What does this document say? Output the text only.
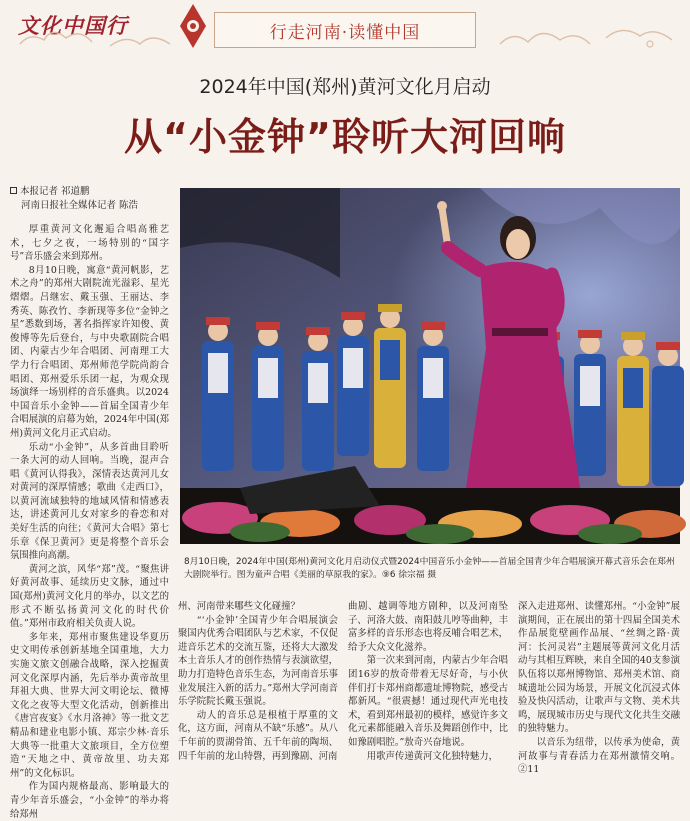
文化中国行	行走河南·读懂中国
2024年中国(郑州)黄河文化月启动
从“小金钟”聆听大河回响
本报记者 祁道鹏
河南日报社全媒体记者 陈浩

厚重黄河文化邂逅合唱高雅艺术，七夕之夜，一场特别的“国字号”音乐盛会来到郑州。

8月10日晚，寓意“黄河帆影，艺术之舟”的郑州大剧院流光溢彩、星光熠熠。吕继宏、戴玉强、王丽达、李秀英、陈孜竹、李新现等多位“金钟之星”悉数到场，著名指挥家许知俊、黄俊博等先后登台，与中央歌剧院合唱团、内蒙古少年合唱团、河南理工大学力行合唱团、郑州师范学院尚韵合唱团、郑州爱乐乐团一起，为观众现场演绎一场别样的音乐盛典。以2024中国音乐小金钟——首届全国青少年合唱展演的启幕为始，2024年中国(郑州)黄河文化月正式启动。

乐动“小金钟”，从多首曲目聆听一条大河的动人回响。当晚，混声合唱《黄河认得我》，深情表达黄河儿女对黄河的深厚情感；歌曲《走西口》，以黄河流域独特的地域风情和情感表达，讲述黄河儿女对家乡的眷恋和对美好生活的向往；《黄河大合唱》第七乐章《保卫黄河》更是将整个音乐会氛围推向高潮。

黄河之滨，风华“郑”茂。“聚焦讲好黄河故事、延续历史文脉，通过中国(郑州)黄河文化月的举办，以文艺的形式不断弘扬黄河文化的时代价值。”郑州市政府相关负责人说。

多年来，郑州市聚焦建设华夏历史文明传承创新基地全国重地，大力实施文旅文创融合战略，深入挖掘黄河文化深厚内涵，先后举办黄帝故里拜祖大典、世界大河文明论坛、微博文化之夜等大型文化活动，创新推出《唐宫夜宴》《水月洛神》等一批文艺精品和建业电影小镇、郑宗少林·音乐大典等一批重大文旅项目，全方位塑造“天地之中、黄帝故里、功夫郑州”的文化标识。

作为国内规格最高、影响最大的青少年音乐盛会，“小金钟”的举办将给郑州

8月10日晚，2024年中国(郑州)黄河文化月启动仪式暨2024中国音乐小金钟——首届全国青少年合唱展演开幕式音乐会在郑州大剧院举行。图为童声合唱《美丽的草原我的家》。⑨6 徐宗福 摄

州、河南带来哪些文化碰撞？

“‘小金钟’全国青少年合唱展演会聚国内优秀合唱团队与艺术家，不仅促进音乐艺术的交流互鉴，还将大大激发本土音乐人才的创作热情与表演欲望，助力打造特色音乐生态，为河南音乐事业发展注入新的活力。”郑州大学河南音乐学院院长戴玉强说。

动人的音乐总是根植于厚重的文化，这方面，河南从不缺“乐感”。从八千年前的贾湖骨笛、五千年前的陶埙、四千年前的龙山特磬，再到豫剧、河南

曲剧、越调等地方剧种，以及河南坠子、河洛大鼓、南阳鼓儿哼等曲种，丰富多样的音乐形态也将反哺合唱艺术，给予大众文化滋养。

第一次来到河南，内蒙古少年合唱团16岁的敖奇带着无尽好奇，与小伙伴们打卡郑州商都遗址博物院，感受古都新风。“很震撼！通过现代声光电技术，看到郑州最初的模样，感觉许多文化元素都能融入音乐及舞蹈创作中，比如豫剧唱腔。”敖奇兴奋地说。

用歌声传递黄河文化独特魅力，

深入走进郑州、读懂郑州。“小金钟”展演期间，正在展出的第十四届全国美术作品展览壁画作品展、“丝绸之路·黄河：长河灵岩”主题展等黄河文化月活动与其相互辉映，来自全国的40支参演队伍将以郑州博物馆、郑州美术馆、商城遗址公园为场景，开展文化沉浸式体验及快闪活动，让歌声与文物、美术共鸣，展现城市历史与现代文化共生交融的独特魅力。

以音乐为纽带，以传承为使命，黄河故事与青春活力在郑州激情交响。②11
